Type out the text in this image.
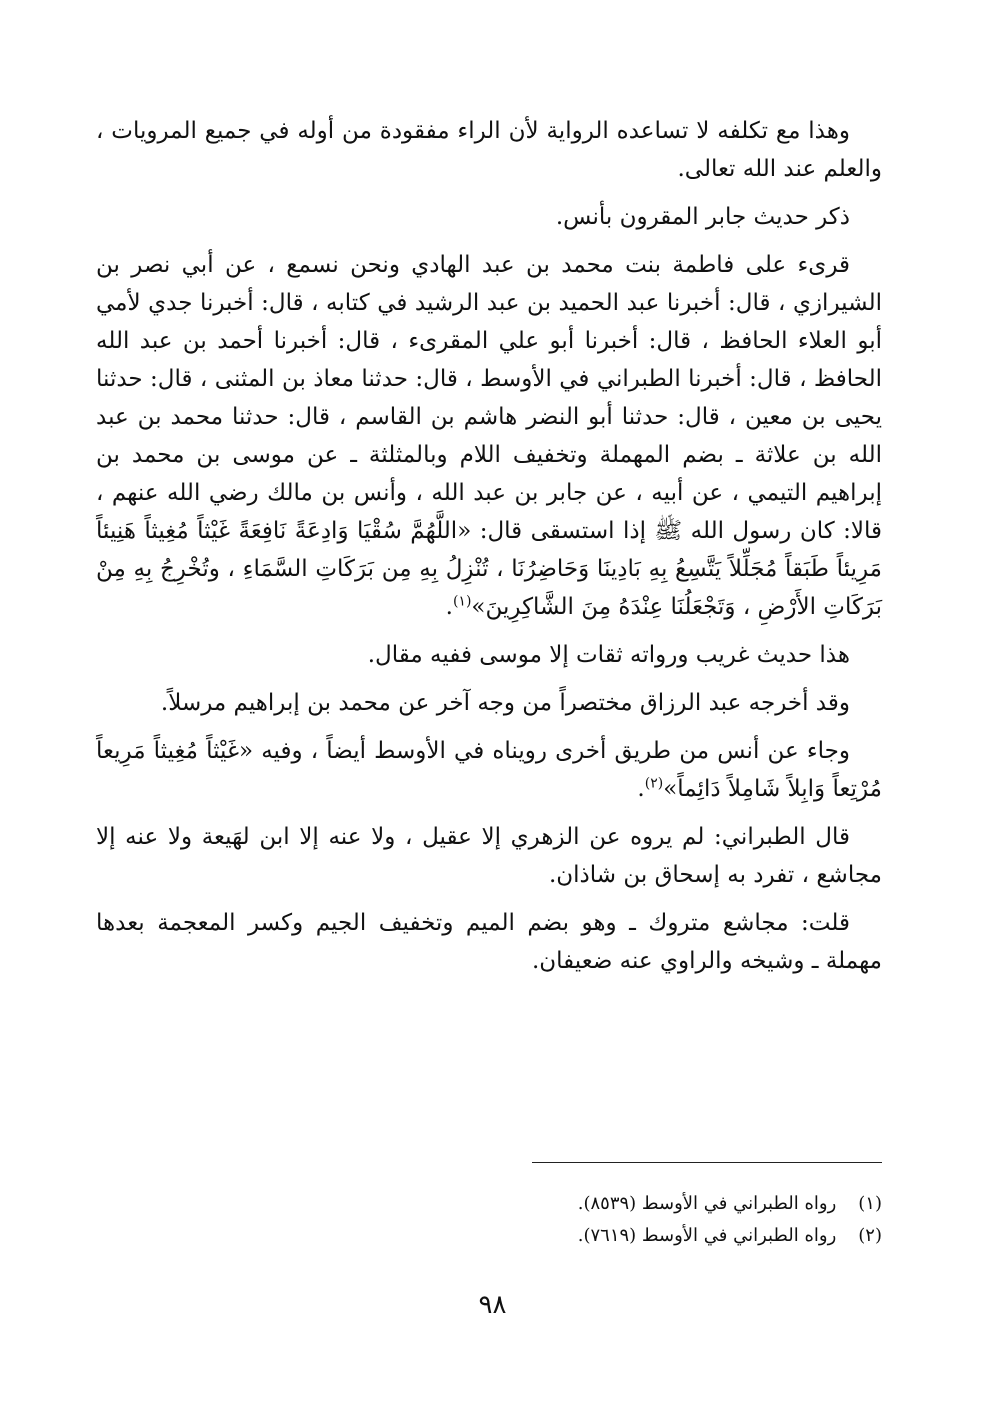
وهذا مع تكلفه لا تساعده الرواية لأن الراء مفقودة من أوله في جميع المرويات ، والعلم عند الله تعالى.

ذكر حديث جابر المقرون بأنس.

قرىء على فاطمة بنت محمد بن عبد الهادي ونحن نسمع ، عن أبي نصر بن الشيرازي ، قال: أخبرنا عبد الحميد بن عبد الرشيد في كتابه ، قال: أخبرنا جدي لأمي أبو العلاء الحافظ ، قال: أخبرنا أبو علي المقرىء ، قال: أخبرنا أحمد بن عبد الله الحافظ ، قال: أخبرنا الطبراني في الأوسط ، قال: حدثنا معاذ بن المثنى ، قال: حدثنا يحيى بن معين ، قال: حدثنا أبو النضر هاشم بن القاسم ، قال: حدثنا محمد بن عبد الله بن علاثة ـ بضم المهملة وتخفيف اللام وبالمثلثة ـ عن موسى بن محمد بن إبراهيم التيمي ، عن أبيه ، عن جابر بن عبد الله ، وأنس بن مالك رضي الله عنهم ، قالا: كان رسول الله ﷺ إذا استسقى قال: «اللَّهُمَّ سُقْيَا وَادِعَةً نَافِعَةً غَيْثاً مُغِيثاً هَنِيئاً مَرِيئاً طَبَقاً مُجَلِّلاً يَتَّسِعُ بِهِ بَادِينَا وَحَاضِرُنَا ، تُنْزِلُ بِهِ مِن بَرَكَاتِ السَّمَاءِ ، وتُخْرِجُ بِهِ مِنْ بَرَكَاتِ الأَرْضِ ، وَتَجْعَلُنَا عِنْدَهُ مِنَ الشَّاكِرِينَ»$^{(١)}$.

هذا حديث غريب ورواته ثقات إلا موسى ففيه مقال.

وقد أخرجه عبد الرزاق مختصراً من وجه آخر عن محمد بن إبراهيم مرسلاً.

وجاء عن أنس من طريق أخرى رويناه في الأوسط أيضاً ، وفيه «غَيْثاً مُغِيثاً مَرِيعاً مُرْتِعاً وَابِلاً شَامِلاً دَائِماً»$^{(٢)}$.

قال الطبراني: لم يروه عن الزهري إلا عقيل ، ولا عنه إلا ابن لهَيعة ولا عنه إلا مجاشع ، تفرد به إسحاق بن شاذان.

قلت: مجاشع متروك ـ وهو بضم الميم وتخفيف الجيم وكسر المعجمة بعدها مهملة ـ وشيخه والراوي عنه ضعيفان.

(١) رواه الطبراني في الأوسط (٨٥٣٩).

(٢) رواه الطبراني في الأوسط (٧٦١٩).

٩٨
